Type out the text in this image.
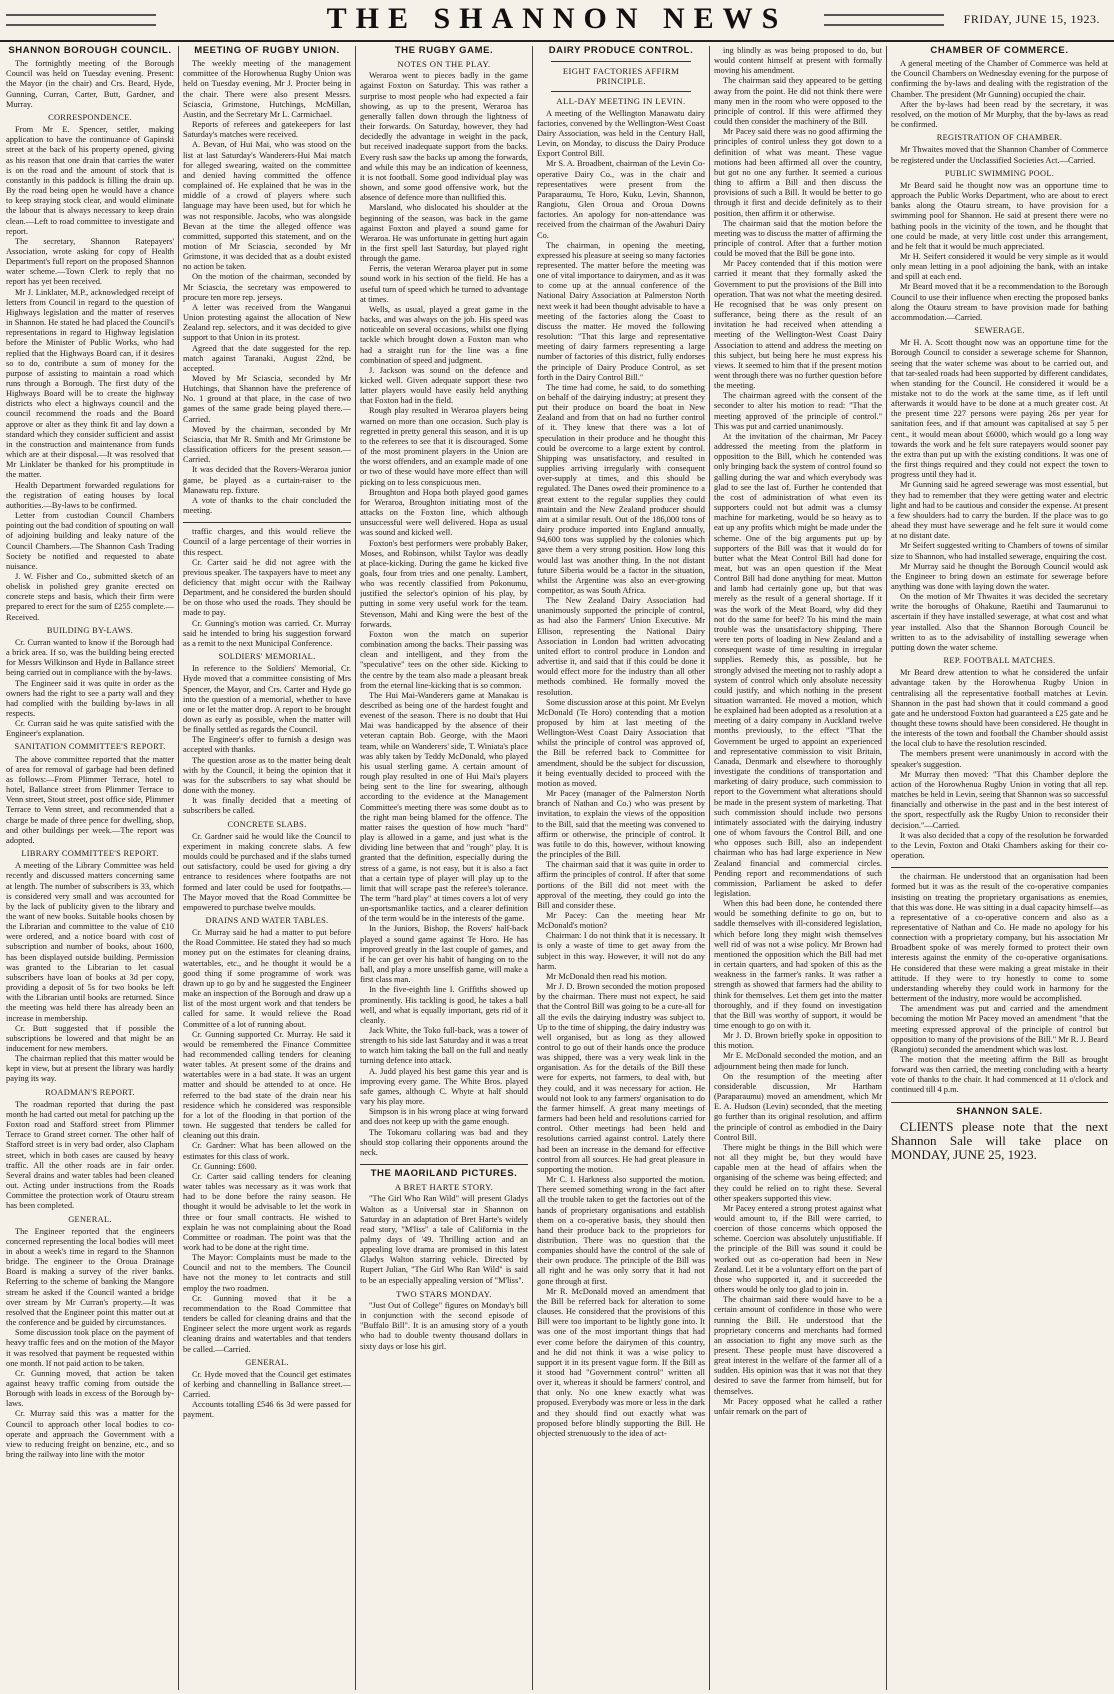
THE SHANNON NEWS	FRIDAY, JUNE 15, 1923.
SHANNON BOROUGH COUNCIL.

The fortnightly meeting of the Borough Council was held on Tuesday evening. Present: the Mayor (in the chair) and Crs. Beard, Hyde, Gunning, Curran, Carter, Butt, Gardner, and Murray.

CORRESPONDENCE.

From Mr E. Spencer, settler, making application to have the continuance of Gapinski street at the back of his property opened, giving as his reason that one drain that carries the water is on the road and the amount of stock that is constantly in this paddock is filling the drain up. By the road being open he would have a chance to keep straying stock clear, and would eliminate the labour that is always necessary to keep drain clean.—Left to road committee to investigate and report.

The secretary, Shannon Ratepayers' Association, wrote asking for copy of Health Department's full report on the proposed Shannon water scheme.—Town Clerk to reply that no report has yet been received.

Mr J. Linklater, M.P., acknowledged receipt of letters from Council in regard to the question of Highways legislation and the matter of reserves in Shannon. He stated he had placed the Council's representations in regard to Highway legislation before the Minister of Public Works, who had replied that the Highways Board can, if it desires so to do, contribute a sum of money for the purpose of assisting to maintain a road which runs through a Borough. The first duty of the Highways Board will be to create the highway districts who elect a highways council and the council recommend the roads and the Board approve or alter as they think fit and lay down a standard which they consider sufficient and assist in the construction and maintenance from funds which are at their disposal.—It was resolved that Mr Linklater be thanked for his promptitude in the matter.

Health Department forwarded regulations for the registration of eating houses by local authorities.—By-laws to be confirmed.

Letter from custodian Council Chambers pointing out the bad condition of spouting on wall of adjoining building and leaky nature of the Council Chambers.—The Shannon Cash Trading Society be notified and requested to abate nuisance.

J. W. Fisher and Co., submitted sketch of an obelisk in polished grey granite erected on concrete steps and basis, which their firm were prepared to erect for the sum of £255 complete.—Received.

BUILDING BY-LAWS.

Cr. Curran wanted to know if the Borough had a brick area. If so, was the building being erected for Messrs Wilkinson and Hyde in Ballance street being carried out in compliance with the by-laws.

The Engineer said it was quite in order as the owners had the right to see a party wall and they had complied with the building by-laws in all respects.

Cr. Curran said he was quite satisfied with the Engineer's explanation.

SANITATION COMMITTEE'S REPORT.

The above committee reported that the matter of area for removal of garbage had been defined as follows:—From Plimmer Terrace, hotel to hotel, Ballance street from Plimmer Terrace to Venn street, Stout street, post office side, Plimmer Terrace to Venn street, and recommended that a charge be made of three pence for dwelling, shop, and other buildings per week.—The report was adopted.

LIBRARY COMMITTEE'S REPORT.

A meeting of the Library Committee was held recently and discussed matters concerning same at length. The number of subscribers is 33, which is considered very small and was accounted for by the lack of publicity given to the library and the want of new books. Suitable books chosen by the Librarian and committee to the value of £10 were ordered, and a notice board with cost of subscription and number of books, about 1600, has been displayed outside building. Permission was granted to the Librarian to let casual subscribers have loan of books at 3d per copy, providing a deposit of 5s for two books be left with the Librarian until books are returned. Since the meeting was held there has already been an increase in membership.

Cr. Butt suggested that if possible the subscriptions be lowered and that might be an inducement for new members.

The chairman replied that this matter would be kept in view, but at present the library was hardly paying its way.

ROADMAN'S REPORT.

The roadman reported that during the past month he had carted out metal for patching up the Foxton road and Stafford street from Plimmer Terrace to Grand street corner. The other half of Stafford street is in very bad order, also Clapham street, which in both cases are caused by heavy traffic. All the other roads are in fair order. Several drains and water tables had been cleaned out. Acting under instructions from the Roads Committee the protection work of Otauru stream has been completed.

GENERAL.

The Engineer reported that the engineers concerned representing the local bodies will meet in about a week's time in regard to the Shannon bridge. The engineer to the Oroua Drainage Board is making a survey of the river banks. Referring to the scheme of banking the Mangore stream he asked if the Council wanted a bridge over stream by Mr Curran's property.—It was resolved that the Engineer point this matter out at the conference and be guided by circumstances.

Some discussion took place on the payment of heavy traffic fees and on the motion of the Mayor it was resolved that payment be requested within one month. If not paid action to be taken.

Cr. Gunning moved, that action be taken against heavy traffic coming from outside the Borough with loads in excess of the Borough by-laws.

Cr. Murray said this was a matter for the Council to approach other local bodies to co-operate and approach the Government with a view to reducing freight on benzine, etc., and so bring the railway into line with the motor

MEETING OF RUGBY UNION.

The weekly meeting of the management committee of the Horowhenua Rugby Union was held on Tuesday evening, Mr J. Procter being in the chair. There were also present Messrs. Sciascia, Grimstone, Hutchings, McMillan, Austin, and the Secretary Mr L. Carmichael.

Reports of referees and gatekeepers for last Saturday's matches were received.

A. Bevan, of Hui Mai, who was stood on the list at last Saturday's Wanderers-Hui Mai match for alleged swearing, waited on the committee and denied having committed the offence complained of. He explained that he was in the middle of a crowd of players where such language may have been used, but for which he was not responsible. Jacobs, who was alongside Bevan at the time the alleged offence was committed, supported this statement, and on the motion of Mr Sciascia, seconded by Mr Grimstone, it was decided that as a doubt existed no action be taken.

On the motion of the chairman, seconded by Mr Sciascia, the secretary was empowered to procure ten more rep. jerseys.

A letter was received from the Wanganui Union protesting against the allocation of New Zealand rep. selectors, and it was decided to give support to that Union in its protest.

Agreed that the date suggested for the rep. match against Taranaki, August 22nd, be accepted.

Moved by Mr Sciascia, seconded by Mr Hutchings, that Shannon have the preference of No. 1 ground at that place, in the case of two games of the same grade being played there.—Carried.

Moved by the chairman, seconded by Mr Sciascia, that Mr R. Smith and Mr Grimstone be classification officers for the present season.—Carried.

It was decided that the Rovers-Weraroa junior game, be played as a curtain-raiser to the Manawatu rep. fixture.

A vote of thanks to the chair concluded the meeting.

traffic charges, and this would relieve the Council of a large percentage of their worries in this respect.

Cr. Carter said he did not agree with the previous speaker. The taxpayers have to meet any deficiency that might occur with the Railway Department, and he considered the burden should be on those who used the roads. They should be made to pay.

Cr. Gunning's motion was carried. Cr. Murray said he intended to bring his suggestion forward as a remit to the next Municipal Conference.

SOLDIERS' MEMORIAL.

In reference to the Soldiers' Memorial, Cr. Hyde moved that a committee consisting of Mrs Spencer, the Mayor, and Crs. Carter and Hyde go into the question of a memorial, whether to have one or let the matter drop. A report to be brought down as early as possible, when the matter will be finally settled as regards the Council.

The Engineer's offer to furnish a design was accepted with thanks.

The question arose as to the matter being dealt with by the Council, it being the opinion that it was for the subscribers to say what should be done with the money.

It was finally decided that a meeting of subscribers be called.

CONCRETE SLABS.

Cr. Gardner said he would like the Council to experiment in making concrete slabs. A few moulds could be purchased and if the slabs turned out satisfactory, could be used for giving a dry entrance to residences where footpaths are not formed and later could be used for footpaths.—The Mayor moved that the Road Committee be empowered to purchase twelve moulds.

DRAINS AND WATER TABLES.

Cr. Murray said he had a matter to put before the Road Committee. He stated they had so much money put on the estimates for cleaning drains, watertables, etc., and he thought it would be a good thing if some programme of work was drawn up to go by and he suggested the Engineer make an inspection of the Borough and draw up a list of the most urgent work and that tenders be called for same. It would relieve the Road Committee of a lot of running about.

Cr. Gunning supported Cr. Murray. He said it would be remembered the Finance Committee had recommended calling tenders for cleaning water tables. At present some of the drains and watertables were in a bad state. It was an urgent matter and should be attended to at once. He referred to the bad state of the drain near his residence which he considered was responsible for a lot of the flooding in that portion of the town. He suggested that tenders be called for cleaning out this drain.

Cr. Gardner: What has been allowed on the estimates for this class of work.

Cr. Gunning: £600.

Cr. Carter said calling tenders for cleaning water tables was necessary as it was work that had to be done before the rainy season. He thought it would be advisable to let the work in three or four small contracts. He wished to explain he was not complaining about the Road Committee or roadman. The point was that the work had to be done at the right time.

The Mayor: Complaints must be made to the Council and not to the members. The Council have not the money to let contracts and still employ the two roadmen.

Cr. Gunning moved that it be a recommendation to the Road Committee that tenders be called for cleaning drains and that the Engineer select the more urgent work as regards cleaning drains and watertables and that tenders be called.—Carried.

GENERAL.

Cr. Hyde moved that the Council get estimates of kerbing and channelling in Ballance street.—Carried.

Accounts totalling £546 6s 3d were passed for payment.

THE RUGBY GAME.
NOTES ON THE PLAY.

Weraroa went to pieces badly in the game against Foxton on Saturday. This was rather a surprise to most people who had expected a fair showing, as up to the present, Weraroa has generally fallen down through the lightness of their forwards. On Saturday, however, they had decidedly the advantage in weight in the pack, but received inadequate support from the backs. Every rush saw the backs up among the forwards, and while this may be an indication of keenness, it is not football. Some good individual play was shown, and some good offensive work, but the absence of defence more than nullified this.

Marsland, who dislocated his shoulder at the beginning of the season, was back in the game against Foxton and played a sound game for Weraroa. He was unfortunate in getting hurt again in the first spell last Saturday, but played right through the game.

Ferris, the veteran Weraroa player put in some sound work in his section of the field. He has a useful turn of speed which he turned to advantage at times.

Wells, as usual, played a great game in the backs, and was always on the job. His speed was noticeable on several occasions, whilst one flying tackle which brought down a Foxton man who had a straight run for the line was a fine combination of speed and judgment.

J. Jackson was sound on the defence and kicked well. Given adequate support these two latter players would have easily held anything that Foxton had in the field.

Rough play resulted in Weraroa players being warned on more than one occasion. Such play is regretted in pretty general this season, and it is up to the referees to see that it is discouraged. Some of the most prominent players in the Union are the worst offenders, and an example made of one or two of these would have more effect than will picking on to less conspicuous men.

Broughton and Hopa both played good games for Weraroa, Broughton initiating most of the attacks on the Foxton line, which although unsuccessful were well delivered. Hopa as usual was sound and kicked well.

Foxton's best performers were probably Baker, Moses, and Robinson, whilst Taylor was deadly at place-kicking. During the game he kicked five goals, four from tries and one penalty. Lambert, who was recently classified from Pokonumu, justified the selector's opinion of his play, by putting in some very useful work for the team. Stevenson, Mahi and King were the best of the forwards.

Foxton won the match on superior combination among the backs. Their passing was clean and intelligent, and they from the "speculative" tees on the other side. Kicking to the centre by the team also made a pleasant break from the eternal line-kicking that is so common.

The Hui Mai-Wanderers game at Manakau is described as being one of the hardest fought and evenest of the season. There is no doubt that Hui Mai was handicapped by the absence of their veteran captain Bob. George, with the Maori team, while on Wanderers' side, T. Winiata's place was ably taken by Teddy McDonald, who played his usual sterling game. A certain amount of rough play resulted in one of Hui Mai's players being sent to the line for swearing, although according to the evidence at the Management Committee's meeting there was some doubt as to the right man being blamed for the offence. The matter raises the question of how much "hard" play is allowed in a game, and just what is the dividing line between that and "rough" play. It is granted that the definition, especially during the stress of a game, is not easy, but it is also a fact that a certain type of player will play up to the limit that will scrape past the referee's tolerance. The term "hard play" at times covers a lot of very un-sportsmanlike tactics, and a clearer definition of the term would be in the interests of the game.

In the Juniors, Bishop, the Rovers' half-back played a sound game against Te Horo. He has improved greatly in the last couple of games, and if he can get over his habit of hanging on to the ball, and play a more unselfish game, will make a first class man.

In the five-eighth line I. Griffiths showed up prominently. His tackling is good, he takes a ball well, and what is equally important, gets rid of it cleanly.

Jack White, the Toko full-back, was a tower of strength to his side last Saturday and it was a treat to watch him taking the ball on the full and neatly turning defence into attack.

A. Judd played his best game this year and is improving every game. The White Bros. played safe games, although C. Whyte at half should vary his play more.

Simpson is in his wrong place at wing forward and does not keep up with the game enough.

The Tokomaru collaring was bad and they should stop collaring their opponents around the neck.

THE MAORILAND PICTURES.
A BRET HARTE STORY.

"The Girl Who Ran Wild" will present Gladys Walton as a Universal star in Shannon on Saturday in an adaptation of Bret Harte's widely read story, "M'liss" a tale of California in the palmy days of '49. Thrilling action and an appealing love drama are promised in this latest Gladys Walton starring vehicle. Directed by Rupert Julian, "The Girl Who Ran Wild" is said to be an especially appealing version of "M'liss".

TWO STARS MONDAY.

"Just Out of College" figures on Monday's bill in conjunction with the second episode of "Buffalo Bill". It is an amusing story of a youth who had to double twenty thousand dollars in sixty days or lose his girl.

DAIRY PRODUCE CONTROL.
EIGHT FACTORIES AFFIRM PRINCIPLE.
ALL-DAY MEETING IN LEVIN.

A meeting of the Wellington Manawatu dairy factories, convened by the Wellington-West Coast Dairy Association, was held in the Century Hall, Levin, on Monday, to discuss the Dairy Produce Export Control Bill.

Mr S. A. Broadbent, chairman of the Levin Co-operative Dairy Co., was in the chair and representatives were present from the Paraparaumu, Te Horo, Kuku, Levin, Shannon, Rangiotu, Glen Oroua and Oroua Downs factories. An apology for non-attendance was received from the chairman of the Awahuri Dairy Co.

The chairman, in opening the meeting, expressed his pleasure at seeing so many factories represented. The matter before the meeting was one of vital importance to dairymen, and as it was to come up at the annual conference of the National Dairy Association at Palmerston North next week it had been thought advisable to have a meeting of the factories along the Coast to discuss the matter. He moved the following resolution: "That this large and representative meeting of dairy farmers representing a large number of factories of this district, fully endorses the principle of Dairy Produce Control, as set forth in the Dairy Control Bill."

The time had come, he said, to do something on behalf of the dairying industry; at present they put their produce on board the boat in New Zealand and from that on had no further control of it. They knew that there was a lot of speculation in their produce and he thought this could be overcome to a large extent by control. Shipping was unsatisfactory, and resulted in supplies arriving irregularly with consequent over-supply at times, and this should be regulated. The Danes owed their prominence to a great extent to the regular supplies they could maintain and the New Zealand producer should aim at a similar result. Out of the 186,000 tons of dairy produce imported into England annually, 94,600 tons was supplied by the colonies which gave them a very strong position. How long this would last was another thing. In the not distant future Siberia would be a factor in the situation, whilst the Argentine was also an ever-growing competitor, as was South Africa.

The New Zealand Dairy Association had unanimously supported the principle of control, as had also the Farmers' Union Executive. Mr Ellison, representing the National Dairy Association in London had written advocating united effort to control produce in London and advertise it, and said that if this could be done it would effect more for the industry than all other methods combined. He formally moved the resolution.

Some discussion arose at this point. Mr Evelyn McDonald (Te Horo) contending that a motion proposed by him at last meeting of the Wellington-West Coast Dairy Association that whilst the principle of control was approved of, the Bill be referred back to Committee for amendment, should be the subject for discussion, it being eventually decided to proceed with the motion as moved.

Mr Pacey (manager of the Palmerston North branch of Nathan and Co.) who was present by invitation, to explain the views of the opposition to the Bill, said that the meeting was convened to affirm or otherwise, the principle of control. It was futile to do this, however, without knowing the principles of the Bill.

The chairman said that it was quite in order to affirm the principles of control. If after that some portions of the Bill did not meet with the approval of the meeting, they could go into the Bill and consider these.

Mr Pacey: Can the meeting hear Mr McDonald's motion?

Chairman: I do not think that it is necessary. It is only a waste of time to get away from the subject in this way. However, it will not do any harm.

Mr McDonald then read his motion.

Mr J. D. Brown seconded the motion proposed by the chairman. There must not expect, he said that the Control Bill was going to be a cure-all for all the evils the dairying industry was subject to. Up to the time of shipping, the dairy industry was well organised, but as long as they allowed control to go out of their hands once the produce was shipped, there was a very weak link in the organisation. As for the details of the Bill these were for experts, not farmers, to deal with, but they could, and it was necessary for action. He would not look to any farmers' organisation to do the farmer himself. A great many meetings of farmers had been held and resolutions carried for control. Other meetings had been held and resolutions carried against control. Lately there had been an increase in the demand for effective control from all sources. He had great pleasure in supporting the motion.

Mr C. I. Harkness also supported the motion. There seemed something wrong in the fact after all the trouble taken to get the factories out of the hands of proprietary organisations and establish them on a co-operative basis, they should then hand their produce back to the proprietors for distribution. There was no question that the companies should have the control of the sale of their own produce. The principle of the Bill was all right and he was only sorry that it had not gone through at first.

Mr R. McDonald moved an amendment that the Bill be referred back for alteration to some clauses. He considered that the provisions of this Bill were too important to be lightly gone into. It was one of the most important things that had ever come before the dairymen of this country, and he did not think it was a wise policy to support it in its present vague form. If the Bill as it stood had "Government control" written all over it, whereas it should be farmers' control, and that only. No one knew exactly what was proposed. Everybody was more or less in the dark and they should find out exactly what was proposed before blindly supporting the Bill. He objected strenuously to the idea of act-

ing blindly as was being proposed to do, but would content himself at present with formally moving his amendment.

The chairman said they appeared to be getting away from the point. He did not think there were many men in the room who were opposed to the principle of control. If this were affirmed they could then consider the machinery of the Bill.

Mr Pacey said there was no good affirming the principles of control unless they got down to a definition of what was meant. These vague motions had been affirmed all over the country, but got no one any further. It seemed a curious thing to affirm a Bill and then discuss the provisions of such a Bill. It would be better to go through it first and decide definitely as to their position, then affirm it or otherwise.

The chairman said that the motion before the meeting was to discuss the matter of affirming the principle of control. After that a further motion could be moved that the Bill be gone into.

Mr Pacey contended that if this motion were carried it meant that they formally asked the Government to put the provisions of the Bill into operation. That was not what the meeting desired. He recognised that he was only present on sufferance, being there as the result of an invitation he had received when attending a meeting of the Wellington-West Coast Dairy Association to attend and address the meeting on this subject, but being here he must express his views. It seemed to him that if the present motion went through there was no further question before the meeting.

The chairman agreed with the consent of the seconder to alter his motion to read: "That the meeting approved of the principle of control." This was put and carried unanimously.

At the invitation of the chairman, Mr Pacey addressed the meeting from the platform in opposition to the Bill, which he contended was only bringing back the system of control found so galling during the war and which everybody was glad to see the last of. Further he contended that the cost of administration of what even its supporters could not but admit was a clumsy machine for marketing, would be so heavy as to eat up any profits which might be made under the scheme. One of the big arguments put up by supporters of the Bill was that it would do for butter what the Meat Control Bill had done for meat, but was an open question if the Meat Control Bill had done anything for meat. Mutton and lamb had certainly gone up, but that was merely as the result of a general shortage. If it was the work of the Meat Board, why did they not do the same for beef? To his mind the main trouble was the unsatisfactory shipping. There were ten ports of loading in New Zealand and a consequent waste of time resulting in irregular supplies. Remedy this, as possible, but he strongly advised the meeting not to rashly adopt a system of control which only absolute necessity could justify, and which nothing in the present situation warranted. He moved a motion, which he explained had been adopted as a resolution at a meeting of a dairy company in Auckland twelve months previously, to the effect "That the Government be urged to appoint an experienced and representative commission to visit Britain, Canada, Denmark and elsewhere to thoroughly investigate the conditions of transportation and marketing of dairy produce, such commission to report to the Government what alterations should be made in the present system of marketing. That such commission should include two persons intimately associated with the dairying industry one of whom favours the Control Bill, and one who opposes such Bill, also an independent chairman who has had large experience in New Zealand financial and commercial circles. Pending report and recommendations of such commission, Parliament be asked to defer legislation.

When this had been done, he contended there would be something definite to go on, but to saddle themselves with ill-considered legislation, which before long they might wish themselves well rid of was not a wise policy. Mr Brown had mentioned the opposition which the Bill had met in certain quarters, and had spoken of this as the weakness in the farmer's ranks. It was rather a strength as showed that farmers had the ability to think for themselves. Let them get into the matter thoroughly, and if they found on investigation that the Bill was worthy of support, it would be time enough to go on with it.

Mr J. D. Brown briefly spoke in opposition to this motion.

Mr E. McDonald seconded the motion, and an adjournment being then made for lunch.

On the resumption of the meeting after considerable discussion, Mr Hartham (Paraparaumu) moved an amendment, which Mr E. A. Hudson (Levin) seconded, that the meeting go further than its original resolution, and affirm the principle of control as embodied in the Dairy Control Bill.

There might be things in the Bill which were not all they might be, but they would have capable men at the head of affairs when the organising of the scheme was being effected; and they could be relied on to right these. Several other speakers supported this view.

Mr Pacey entered a strong protest against what would amount to, if the Bill were carried, to coercion of those concerns which opposed the scheme. Coercion was absolutely unjustifiable. If the principle of the Bill was sound it could be worked out as co-operation had been in New Zealand. Let it be a voluntary effort on the part of those who supported it, and it succeeded the others would be only too glad to join in.

The chairman said there would have to be a certain amount of confidence in those who were running the Bill. He understood that the proprietary concerns and merchants had formed an association to fight any move such as the present. These people must have discovered a great interest in the welfare of the farmer all of a sudden. His opinion was that it was not that they desired to save the farmer from himself, but for themselves.

Mr Pacey opposed what he called a rather unfair remark on the part of

CHAMBER OF COMMERCE.

A general meeting of the Chamber of Commerce was held at the Council Chambers on Wednesday evening for the purpose of confirming the by-laws and dealing with the registration of the Chamber. The president (Mr Gunning) occupied the chair.

After the by-laws had been read by the secretary, it was resolved, on the motion of Mr Murphy, that the by-laws as read be confirmed.

REGISTRATION OF CHAMBER.

Mr Thwaites moved that the Shannon Chamber of Commerce be registered under the Unclassified Societies Act.—Carried.

PUBLIC SWIMMING POOL.

Mr Beard said he thought now was an opportune time to approach the Public Works Department, who are about to erect banks along the Otauru stream, to have provision for a swimming pool for Shannon. He said at present there were no bathing pools in the vicinity of the town, and he thought that one could be made, at very little cost under this arrangement, and he felt that it would be much appreciated.

Mr H. Seifert considered it would be very simple as it would only mean letting in a pool adjoining the bank, with an intake and spill at each end.

Mr Beard moved that it be a recommendation to the Borough Council to use their influence when erecting the proposed banks along the Otauru stream to have provision made for bathing accommodation.—Carried.

SEWERAGE.

Mr H. A. Scott thought now was an opportune time for the Borough Council to consider a sewerage scheme for Shannon, seeing that the water scheme was about to be carried out, and that tar-sealed roads had been supported by different candidates, when standing for the Council. He considered it would be a mistake not to do the work at the same time, as if left until afterwards it would have to be done at a much greater cost. At the present time 227 persons were paying 26s per year for sanitation fees, and if that amount was capitalised at say 5 per cent., it would mean about £6000, which would go a long way towards the work and he felt sure ratepayers would sooner pay the extra than put up with the existing conditions. It was one of the first things required and they could not expect the town to progress until they had it.

Mr Gunning said he agreed sewerage was most essential, but they had to remember that they were getting water and electric light and had to be cautious and consider the expense. At present a few shoulders had to carry the burden. If the place was to go ahead they must have sewerage and he felt sure it would come at no distant date.

Mr Seifert suggested writing to Chambers of towns of similar size to Shannon, who had installed sewerage, enquiring the cost.

Mr Murray said he thought the Borough Council would ask the Engineer to bring down an estimate for sewerage before anything was done with laying down the water.

On the motion of Mr Thwaites it was decided the secretary write the boroughs of Ohakune, Raetihi and Taumarunui to ascertain if they have installed sewerage, at what cost and what year installed. Also that the Shannon Borough Council be written to as to the advisability of installing sewerage when putting down the water scheme.

REP. FOOTBALL MATCHES.

Mr Beard drew attention to what he considered the unfair advantage taken by the Horowhenua Rugby Union in centralising all the representative football matches at Levin. Shannon in the past had shown that it could command a good gate and he understood Foxton had guaranteed a £25 gate and he thought these towns should have been considered. He thought in the interests of the town and football the Chamber should assist the local club to have the resolution rescinded.

The members present were unanimously in accord with the speaker's suggestion.

Mr Murray then moved: "That this Chamber deplore the action of the Horowhenua Rugby Union in voting that all rep. matches be held in Levin, seeing that Shannon was so successful financially and otherwise in the past and in the best interest of the sport, respectfully ask the Rugby Union to reconsider their decision."—Carried.

It was also decided that a copy of the resolution be forwarded to the Levin, Foxton and Otaki Chambers asking for their co-operation.

the chairman. He understood that an organisation had been formed but it was as the result of the co-operative companies insisting on treating the proprietary organisations as enemies, that this was done. He was sitting in a dual capacity himself—as a representative of a co-operative concern and also as a representative of Nathan and Co. He made no apology for his connection with a proprietary company, but his association Mr Broadbent spoke of was merely formed to protect their own interests against the enmity of the co-operative organisations. He considered that these were making a great mistake in their attitude. If they were to try honestly to come to some understanding whereby they could work in harmony for the betterment of the industry, more would be accomplished.

The amendment was put and carried and the amendment becoming the motion Mr Pacey moved an amendment "that the meeting expressed approval of the principle of control but opposition to many of the provisions of the Bill." Mr R. J. Beard (Rangiotu) seconded the amendment which was lost.

The motion that the meeting affirm the Bill as brought forward was then carried, the meeting concluding with a hearty vote of thanks to the chair. It had commenced at 11 o'clock and continued till 4 p.m.

SHANNON SALE.

CLIENTS please note that the next Shannon Sale will take place on MONDAY, JUNE 25, 1923.
